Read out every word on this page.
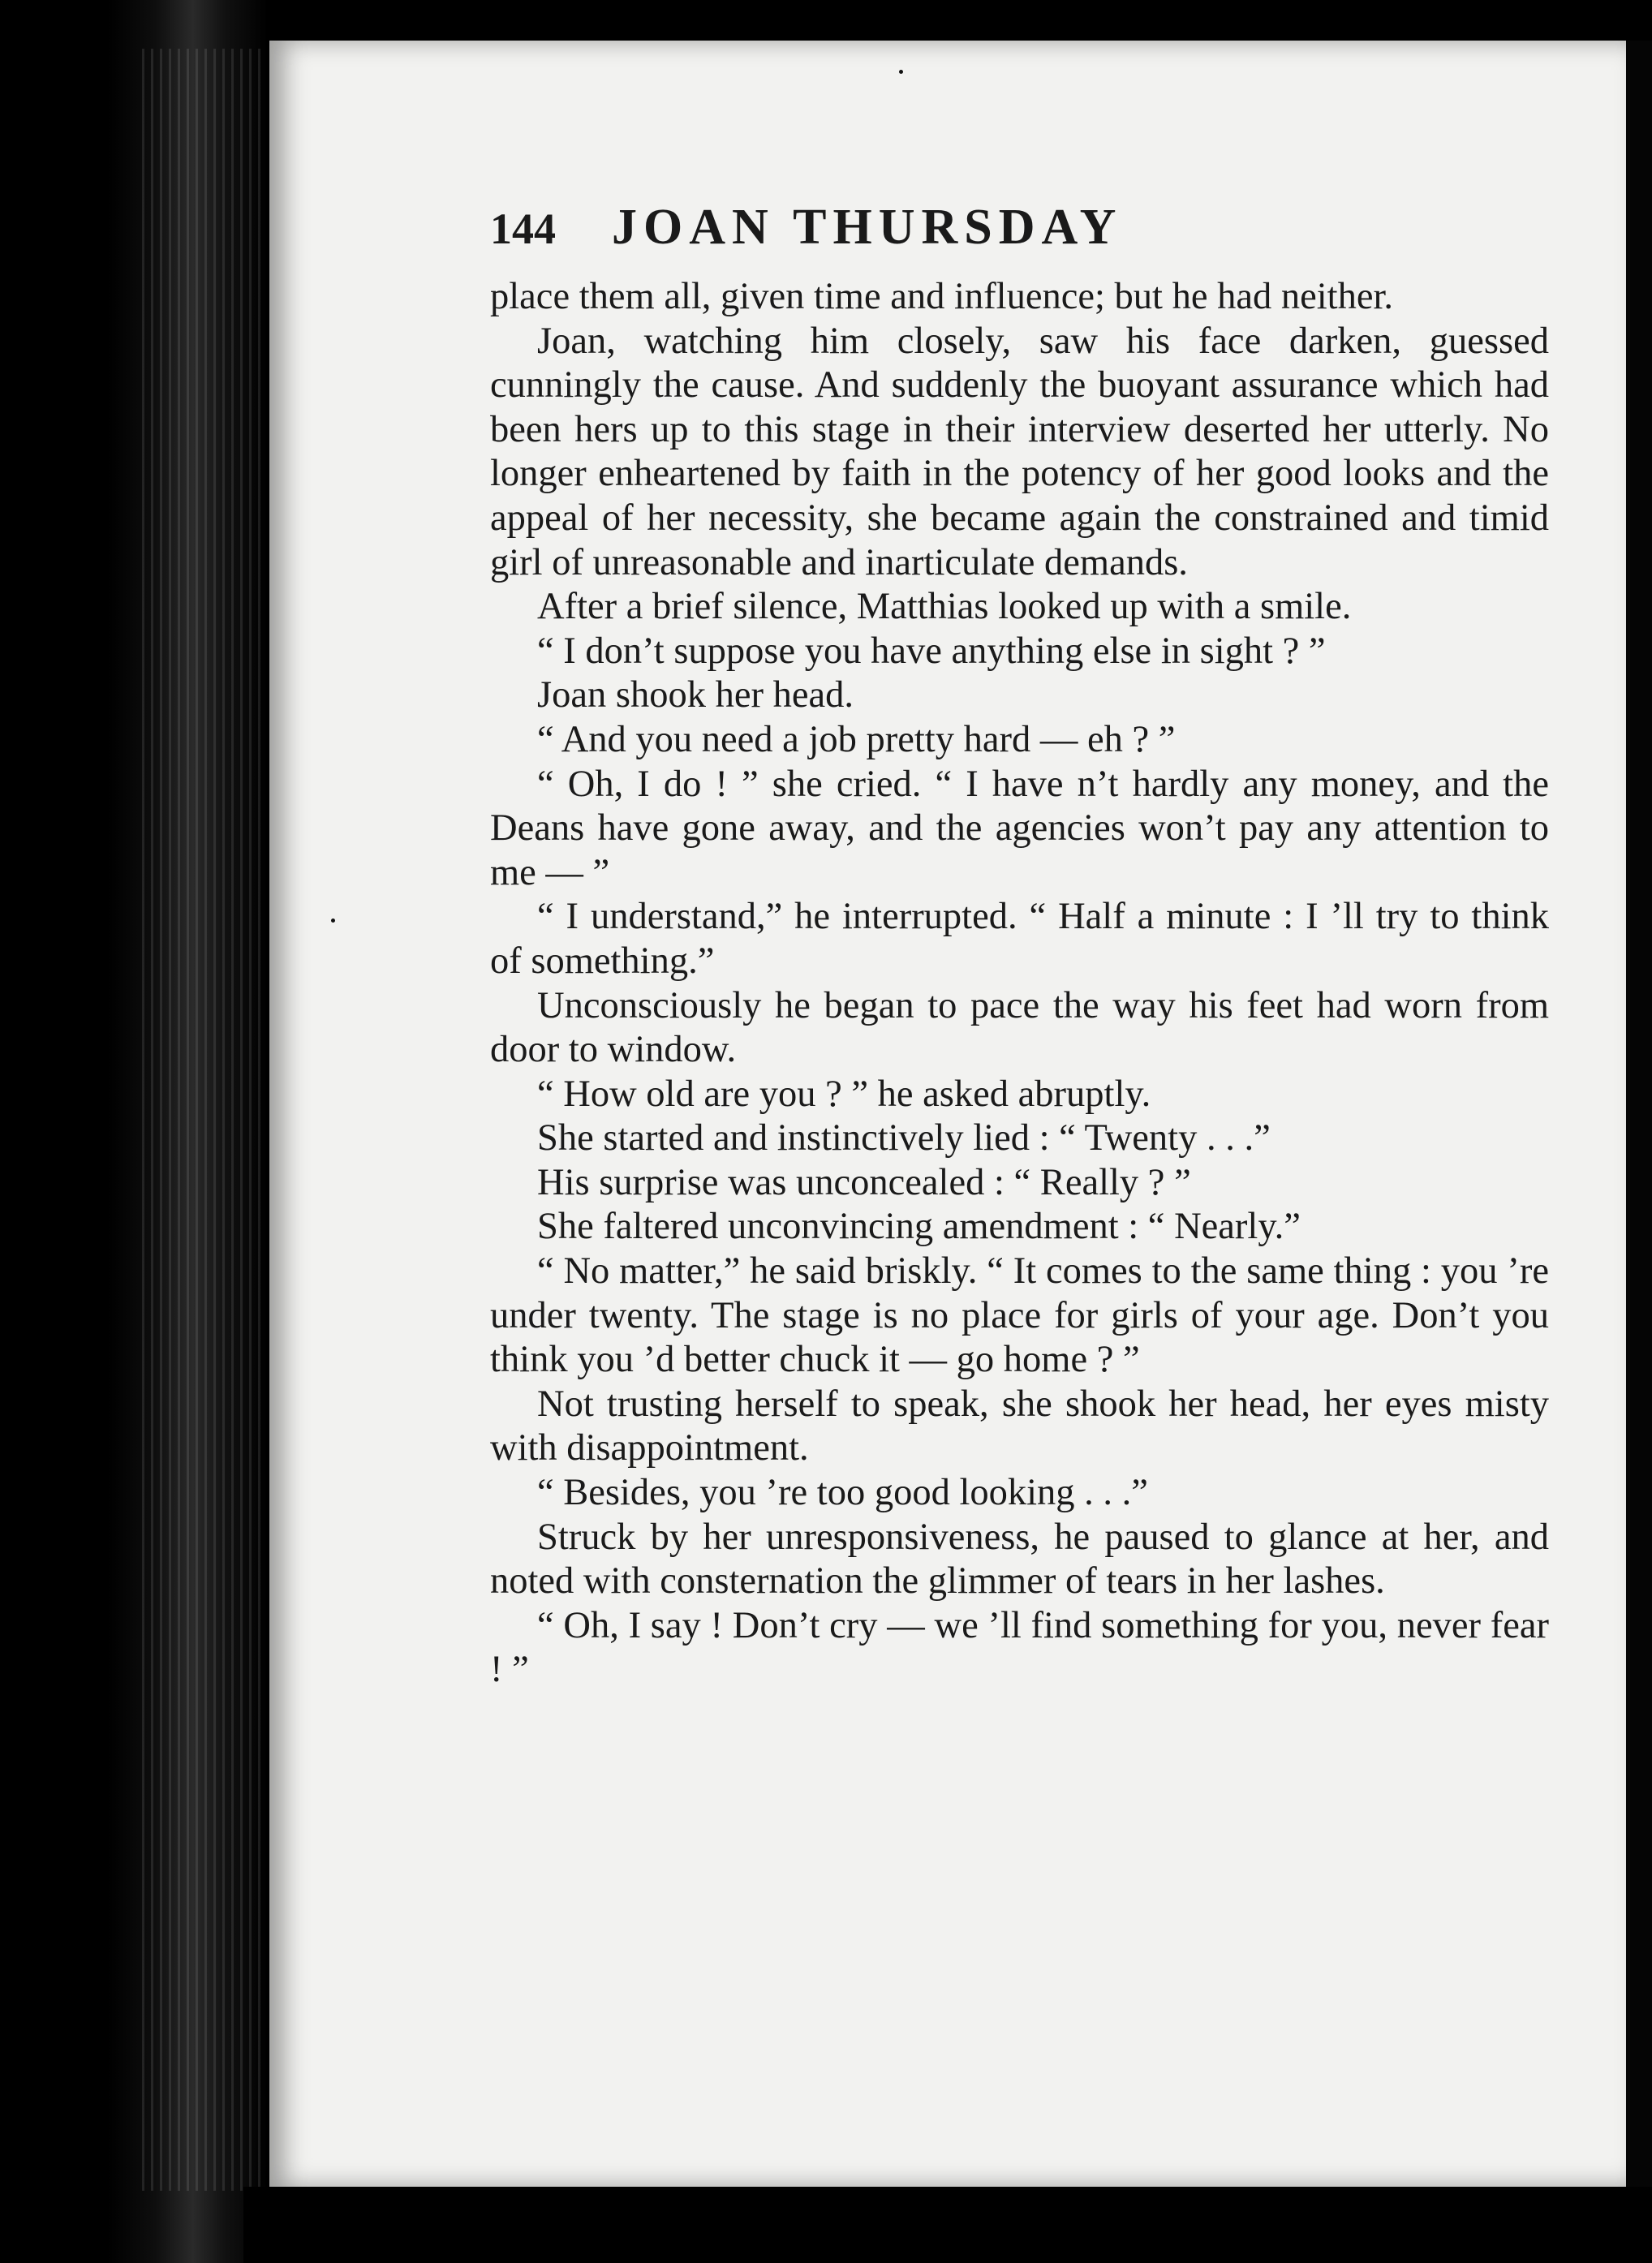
144	JOAN THURSDAY

place them all, given time and influence; but he had neither.

Joan, watching him closely, saw his face darken, guessed cunningly the cause. And suddenly the buoyant assurance which had been hers up to this stage in their interview deserted her utterly. No longer enheartened by faith in the potency of her good looks and the appeal of her necessity, she became again the constrained and timid girl of unreasonable and inarticulate demands.

After a brief silence, Matthias looked up with a smile.

“ I don’t suppose you have anything else in sight ? ”

Joan shook her head.

“ And you need a job pretty hard — eh ? ”

“ Oh, I do ! ” she cried. “ I have n’t hardly any money, and the Deans have gone away, and the agencies won’t pay any attention to me — ”

“ I understand,” he interrupted. “ Half a minute : I ’ll try to think of something.”

Unconsciously he began to pace the way his feet had worn from door to window.

“ How old are you ? ” he asked abruptly.

She started and instinctively lied : “ Twenty . . .”

His surprise was unconcealed : “ Really ? ”

She faltered unconvincing amendment : “ Nearly.”

“ No matter,” he said briskly. “ It comes to the same thing : you ’re under twenty. The stage is no place for girls of your age. Don’t you think you ’d better chuck it — go home ? ”

Not trusting herself to speak, she shook her head, her eyes misty with disappointment.

“ Besides, you ’re too good looking . . .”

Struck by her unresponsiveness, he paused to glance at her, and noted with consternation the glimmer of tears in her lashes.

“ Oh, I say ! Don’t cry — we ’ll find something for you, never fear ! ”
